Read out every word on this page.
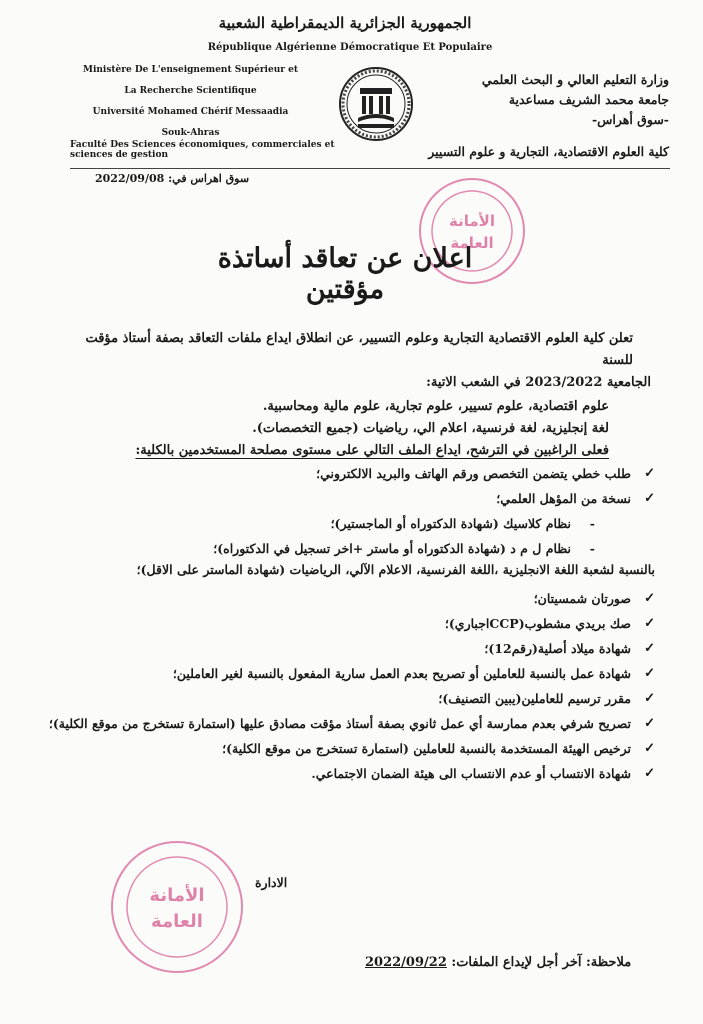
الجمهورية الجزائرية الديمقراطية الشعبية
République Algérienne Démocratique Et Populaire
Ministère De L'enseignement Supérieur et
La Recherche Scientifique
Université Mohamed Chérif Messaadia
Souk-Ahras
Faculté Des Sciences économiques, commerciales et sciences de gestion
وزارة التعليم العالي و البحث العلمي
جامعة محمد الشريف مساعدية
-سوق أهراس-
كلية العلوم الاقتصادية، التجارية و علوم التسيير
سوق اهراس في: 2022/09/08
الأمانة
العامة
اعلان عن تعاقد أساتذة مؤقتين

تعلن كلية العلوم الاقتصادية التجارية وعلوم التسيير، عن انطلاق ايداع ملفات التعاقد بصفة أستاذ مؤقت للسنة

الجامعية 2023/2022 في الشعب الاتية:

علوم اقتصادية، علوم تسيير، علوم تجارية، علوم مالية ومحاسبية.

لغة إنجليزية، لغة فرنسية، اعلام الي، رياضيات (جميع التخصصات).

فعلى الراغبين في الترشح، ايداع الملف التالي على مستوى مصلحة المستخدمين بالكلية:

✓
طلب خطي يتضمن التخصص ورقم الهاتف والبريد الالكتروني؛
✓
نسخة من المؤهل العلمي؛
-
نظام كلاسيك (شهادة الدكتوراه أو الماجستير)؛
-
نظام ل م د (شهادة الدكتوراه أو ماستر +اخر تسجيل في الدكتوراه)؛
بالنسبة لشعبة اللغة الانجليزية ،اللغة الفرنسية، الاعلام الآلي، الرياضيات (شهادة الماستر على الاقل)؛
✓
صورتان شمسيتان؛
✓
صك بريدي مشطوب(CCPاجباري)؛
✓
شهادة ميلاد أصلية(رقم12)؛
✓
شهادة عمل بالنسبة للعاملين أو تصريح بعدم العمل سارية المفعول بالنسبة لغير العاملين؛
✓
مقرر ترسيم للعاملين(يبين التصنيف)؛
✓
تصريح شرفي بعدم ممارسة أي عمل ثانوي بصفة أستاذ مؤقت مصادق عليها (استمارة تستخرج من موقع الكلية)؛
✓
ترخيص الهيئة المستخدمة بالنسبة للعاملين (استمارة تستخرج من موقع الكلية)؛
✓
شهادة الانتساب أو عدم الانتساب الى هيئة الضمان الاجتماعي.
الادارة
الأمانة
العامة
ملاحظة: آخر أجل لإيداع الملفات: 2022/09/22
